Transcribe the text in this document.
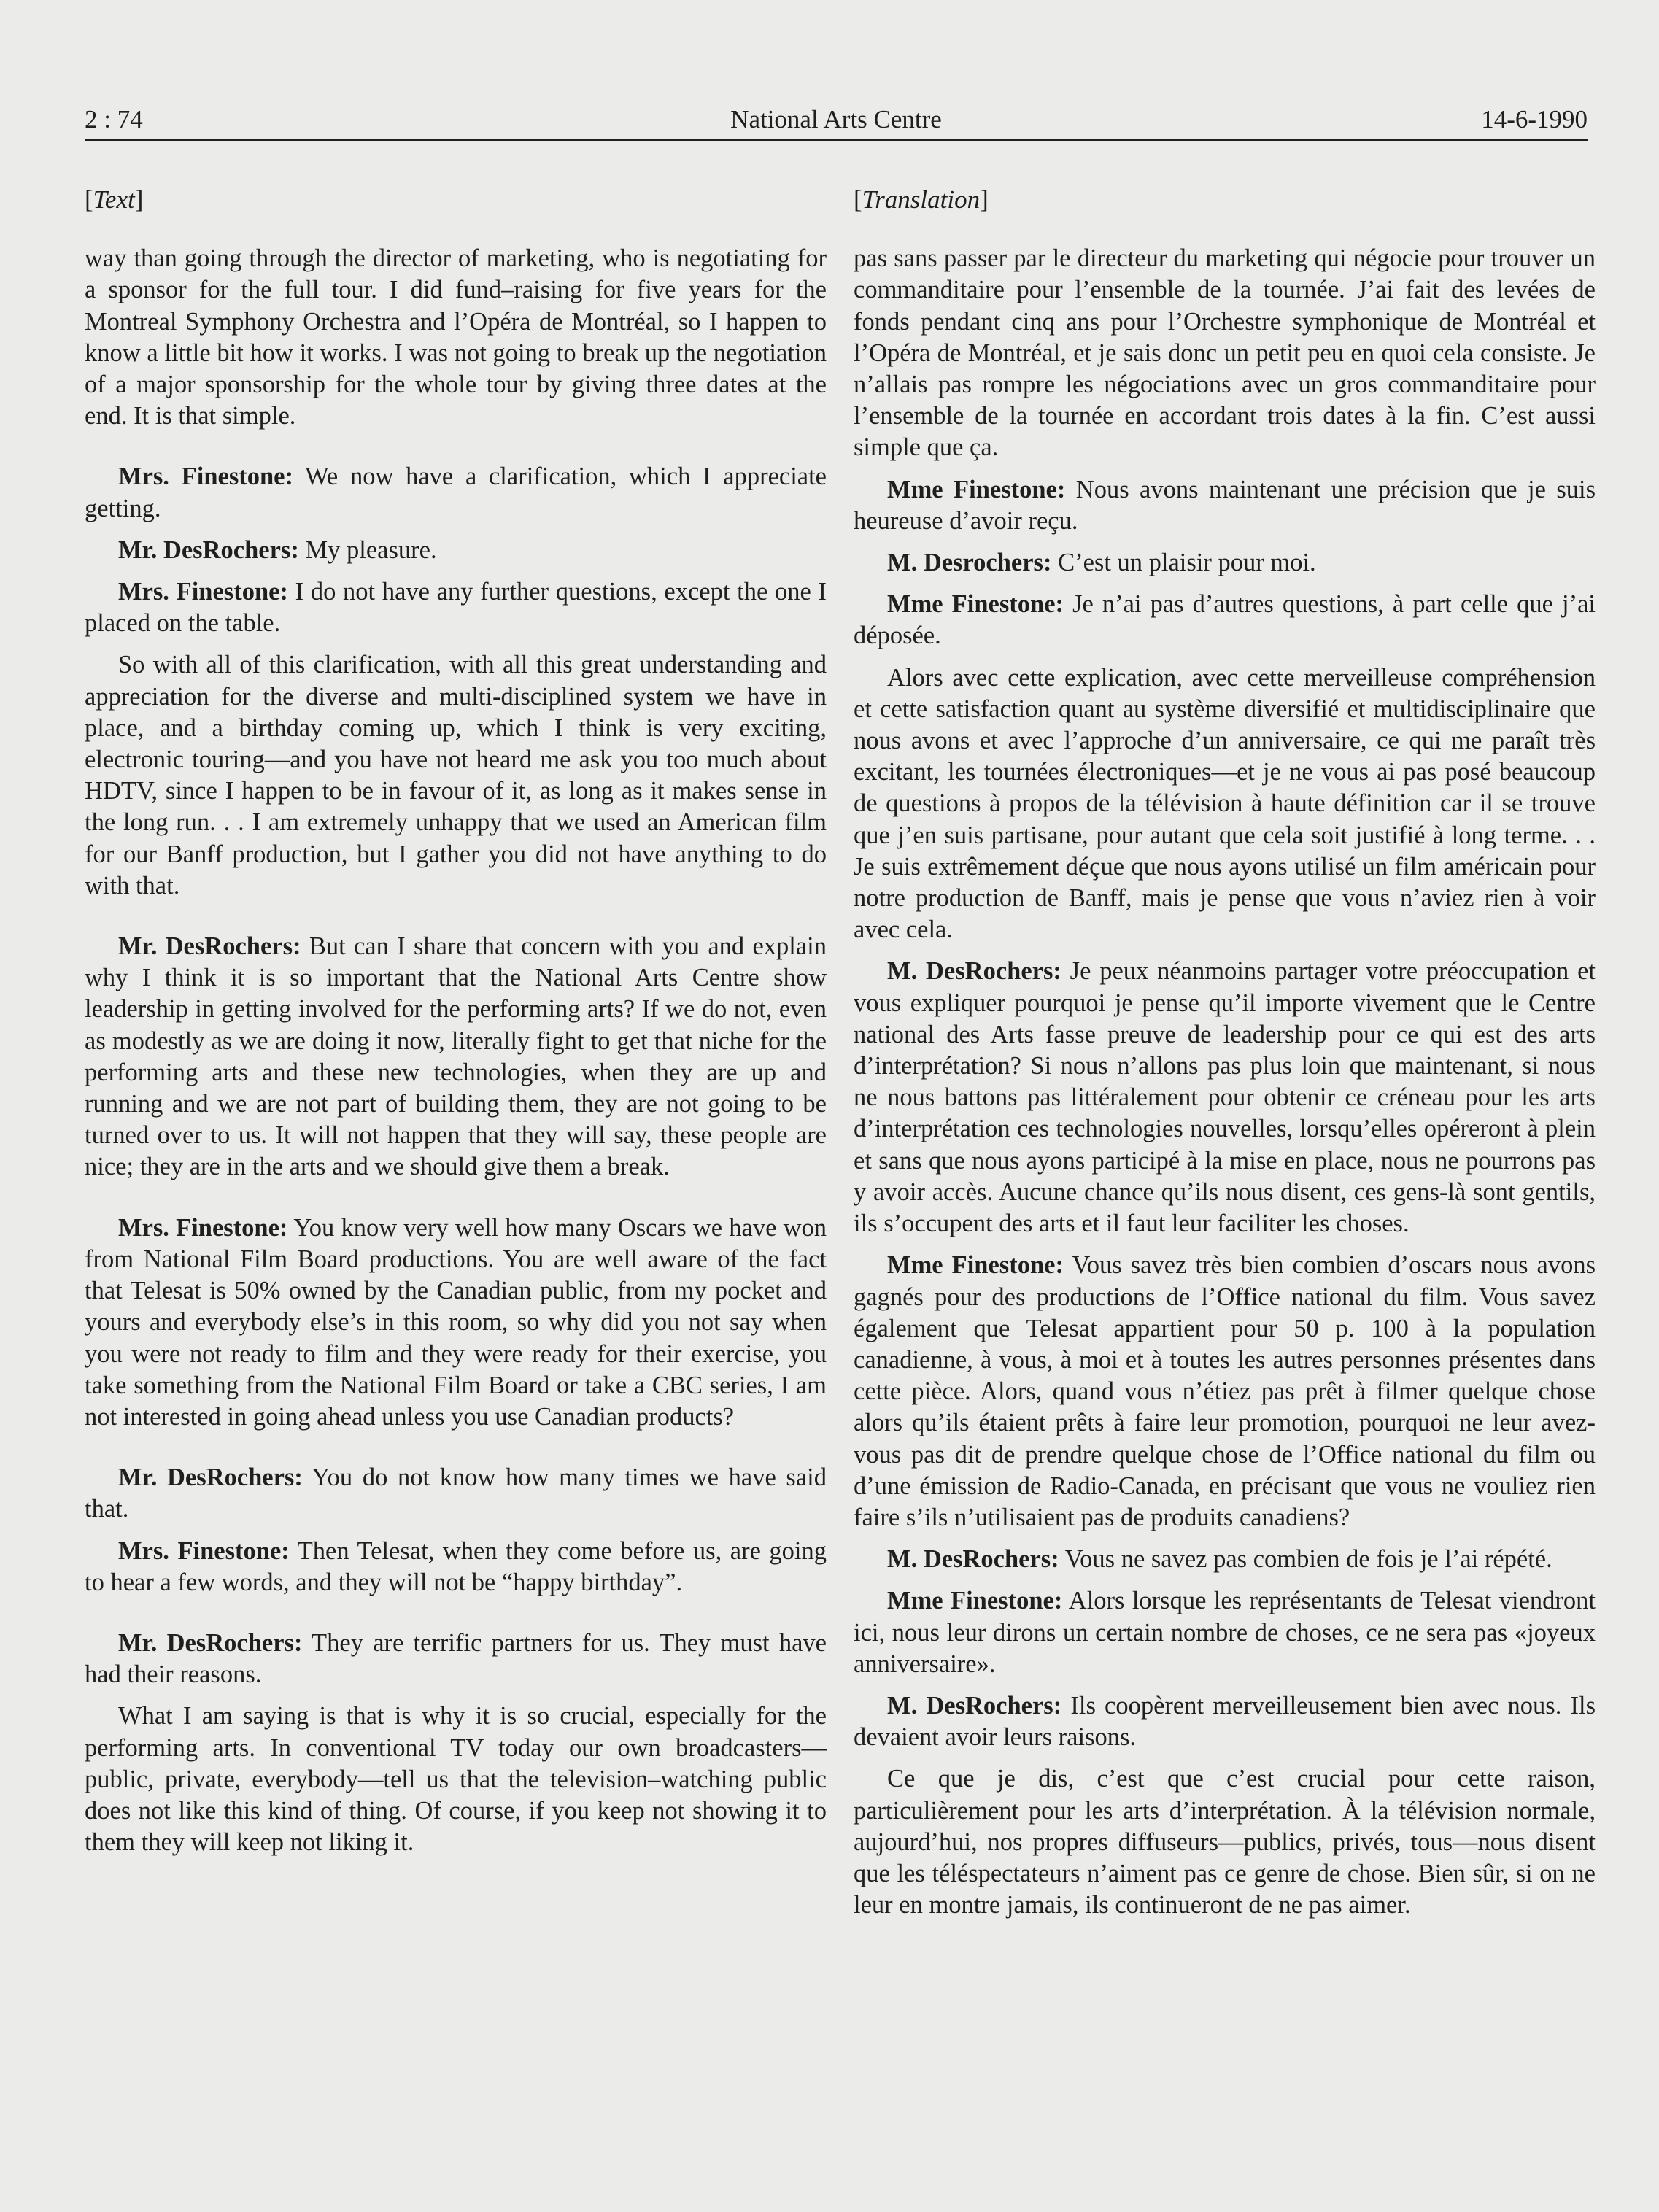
2 : 74	National Arts Centre	14-6-1990
[Text]

way than going through the director of marketing, who is negotiating for a sponsor for the full tour. I did fund–raising for five years for the Montreal Symphony Orchestra and l’Opéra de Montréal, so I happen to know a little bit how it works. I was not going to break up the negotiation of a major sponsorship for the whole tour by giving three dates at the end. It is that simple.

Mrs. Finestone: We now have a clarification, which I appreciate getting.

Mr. DesRochers: My pleasure.

Mrs. Finestone: I do not have any further questions, except the one I placed on the table.

So with all of this clarification, with all this great understanding and appreciation for the diverse and multi-disciplined system we have in place, and a birthday coming up, which I think is very exciting, electronic touring—and you have not heard me ask you too much about HDTV, since I happen to be in favour of it, as long as it makes sense in the long run. . . I am extremely unhappy that we used an American film for our Banff production, but I gather you did not have anything to do with that.

Mr. DesRochers: But can I share that concern with you and explain why I think it is so important that the National Arts Centre show leadership in getting involved for the performing arts? If we do not, even as modestly as we are doing it now, literally fight to get that niche for the performing arts and these new technologies, when they are up and running and we are not part of building them, they are not going to be turned over to us. It will not happen that they will say, these people are nice; they are in the arts and we should give them a break.

Mrs. Finestone: You know very well how many Oscars we have won from National Film Board productions. You are well aware of the fact that Telesat is 50% owned by the Canadian public, from my pocket and yours and everybody else’s in this room, so why did you not say when you were not ready to film and they were ready for their exercise, you take something from the National Film Board or take a CBC series, I am not interested in going ahead unless you use Canadian products?

Mr. DesRochers: You do not know how many times we have said that.

Mrs. Finestone: Then Telesat, when they come before us, are going to hear a few words, and they will not be “happy birthday”.

Mr. DesRochers: They are terrific partners for us. They must have had their reasons.

What I am saying is that is why it is so crucial, especially for the performing arts. In conventional TV today our own broadcasters—public, private, everybody—tell us that the television–watching public does not like this kind of thing. Of course, if you keep not showing it to them they will keep not liking it.

[Translation]

pas sans passer par le directeur du marketing qui négocie pour trouver un commanditaire pour l’ensemble de la tournée. J’ai fait des levées de fonds pendant cinq ans pour l’Orchestre symphonique de Montréal et l’Opéra de Montréal, et je sais donc un petit peu en quoi cela consiste. Je n’allais pas rompre les négociations avec un gros commanditaire pour l’ensemble de la tournée en accordant trois dates à la fin. C’est aussi simple que ça.

Mme Finestone: Nous avons maintenant une précision que je suis heureuse d’avoir reçu.

M. Desrochers: C’est un plaisir pour moi.

Mme Finestone: Je n’ai pas d’autres questions, à part celle que j’ai déposée.

Alors avec cette explication, avec cette merveilleuse compréhension et cette satisfaction quant au système diversifié et multidisciplinaire que nous avons et avec l’approche d’un anniversaire, ce qui me paraît très excitant, les tournées électroniques—et je ne vous ai pas posé beaucoup de questions à propos de la télévision à haute définition car il se trouve que j’en suis partisane, pour autant que cela soit justifié à long terme. . . Je suis extrêmement déçue que nous ayons utilisé un film américain pour notre production de Banff, mais je pense que vous n’aviez rien à voir avec cela.

M. DesRochers: Je peux néanmoins partager votre préoccupation et vous expliquer pourquoi je pense qu’il importe vivement que le Centre national des Arts fasse preuve de leadership pour ce qui est des arts d’interprétation? Si nous n’allons pas plus loin que maintenant, si nous ne nous battons pas littéralement pour obtenir ce créneau pour les arts d’interprétation ces technologies nouvelles, lorsqu’elles opéreront à plein et sans que nous ayons participé à la mise en place, nous ne pourrons pas y avoir accès. Aucune chance qu’ils nous disent, ces gens-là sont gentils, ils s’occupent des arts et il faut leur faciliter les choses.

Mme Finestone: Vous savez très bien combien d’oscars nous avons gagnés pour des productions de l’Office national du film. Vous savez également que Telesat appartient pour 50 p. 100 à la population canadienne, à vous, à moi et à toutes les autres personnes présentes dans cette pièce. Alors, quand vous n’étiez pas prêt à filmer quelque chose alors qu’ils étaient prêts à faire leur promotion, pourquoi ne leur avez-vous pas dit de prendre quelque chose de l’Office national du film ou d’une émission de Radio-Canada, en précisant que vous ne vouliez rien faire s’ils n’utilisaient pas de produits canadiens?

M. DesRochers: Vous ne savez pas combien de fois je l’ai répété.

Mme Finestone: Alors lorsque les représentants de Telesat viendront ici, nous leur dirons un certain nombre de choses, ce ne sera pas «joyeux anniversaire».

M. DesRochers: Ils coopèrent merveilleusement bien avec nous. Ils devaient avoir leurs raisons.

Ce que je dis, c’est que c’est crucial pour cette raison, particulièrement pour les arts d’interprétation. À la télévision normale, aujourd’hui, nos propres diffuseurs—publics, privés, tous—nous disent que les téléspectateurs n’aiment pas ce genre de chose. Bien sûr, si on ne leur en montre jamais, ils continueront de ne pas aimer.
